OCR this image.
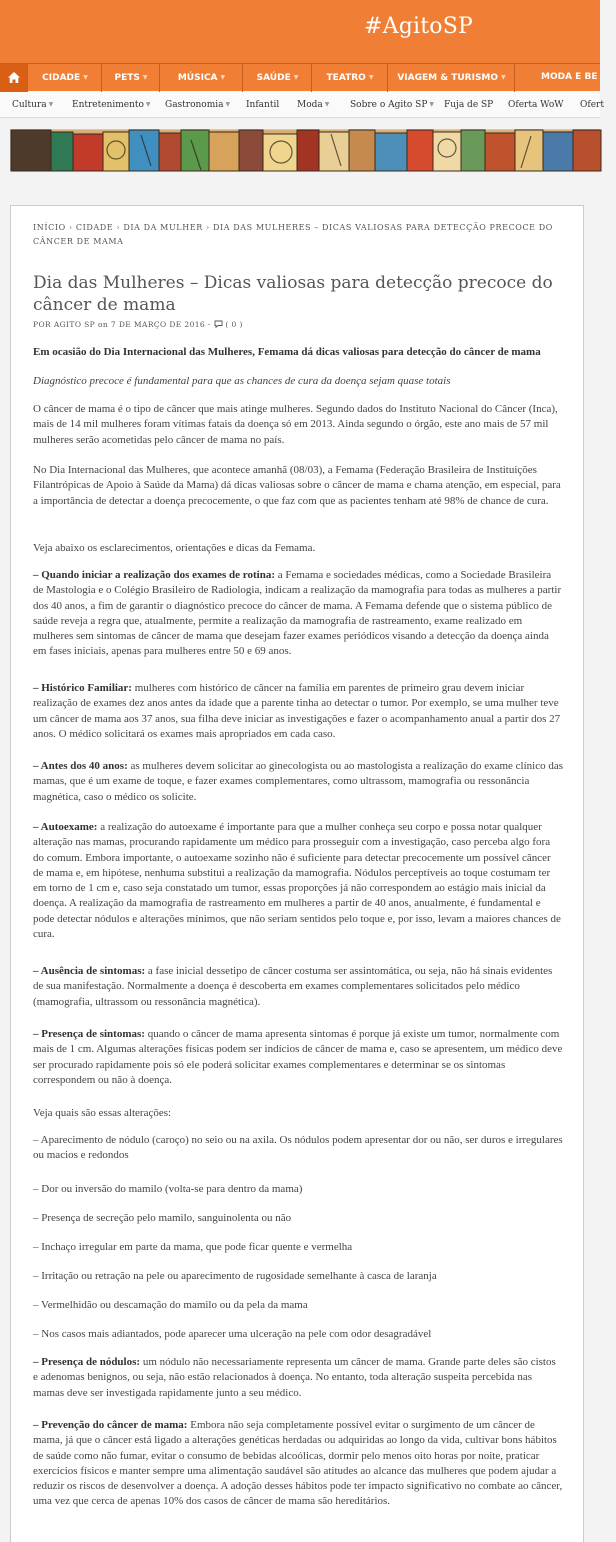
#AgitoSP
CIDADE ▼	PETS ▼	MÚSICA ▼	SAÚDE ▼	TEATRO ▼	VIAGEM & TURISMO ▼	MODA E BE
Cultura ▼ Entretenimento ▼ Gastronomia ▼ Infantil Moda ▼ Sobre o Agito SP ▼ Fuja de SP Oferta WoW Ofert
INÍCIO › CIDADE › DIA DA MULHER › DIA DAS MULHERES – DICAS VALIOSAS PARA DETECÇÃO PRECOCE DO CÂNCER DE MAMA
Dia das Mulheres – Dicas valiosas para detecção precoce do câncer de mama
POR AGITO SP on 7 DE MARÇO DE 2016 - ( 0 )

Em ocasião do Dia Internacional das Mulheres, Femama dá dicas valiosas para detecção do câncer de mama

Diagnóstico precoce é fundamental para que as chances de cura da doença sejam quase totais

O câncer de mama é o tipo de câncer que mais atinge mulheres. Segundo dados do Instituto Nacional do Câncer (Inca), mais de 14 mil mulheres foram vítimas fatais da doença só em 2013. Ainda segundo o órgão, este ano mais de 57 mil mulheres serão acometidas pelo câncer de mama no país.

No Dia Internacional das Mulheres, que acontece amanhã (08/03), a Femama (Federação Brasileira de Instituições Filantrópicas de Apoio à Saúde da Mama) dá dicas valiosas sobre o câncer de mama e chama atenção, em especial, para a importância de detectar a doença precocemente, o que faz com que as pacientes tenham até 98% de chance de cura.

Veja abaixo os esclarecimentos, orientações e dicas da Femama.

– Quando iniciar a realização dos exames de rotina: a Femama e sociedades médicas, como a Sociedade Brasileira de Mastologia e o Colégio Brasileiro de Radiologia, indicam a realização da mamografia para todas as mulheres a partir dos 40 anos, a fim de garantir o diagnóstico precoce do câncer de mama. A Femama defende que o sistema público de saúde reveja a regra que, atualmente, permite a realização da mamografia de rastreamento, exame realizado em mulheres sem sintomas de câncer de mama que desejam fazer exames periódicos visando a detecção da doença ainda em fases iniciais, apenas para mulheres entre 50 e 69 anos.

– Histórico Familiar: mulheres com histórico de câncer na família em parentes de primeiro grau devem iniciar realização de exames dez anos antes da idade que a parente tinha ao detectar o tumor. Por exemplo, se uma mulher teve um câncer de mama aos 37 anos, sua filha deve iniciar as investigações e fazer o acompanhamento anual a partir dos 27 anos. O médico solicitará os exames mais apropriados em cada caso.

– Antes dos 40 anos: as mulheres devem solicitar ao ginecologista ou ao mastologista a realização do exame clínico das mamas, que é um exame de toque, e fazer exames complementares, como ultrassom, mamografia ou ressonância magnética, caso o médico os solicite.

– Autoexame: a realização do autoexame é importante para que a mulher conheça seu corpo e possa notar qualquer alteração nas mamas, procurando rapidamente um médico para prosseguir com a investigação, caso perceba algo fora do comum. Embora importante, o autoexame sozinho não é suficiente para detectar precocemente um possível câncer de mama e, em hipótese, nenhuma substitui a realização da mamografia. Nódulos perceptíveis ao toque costumam ter em torno de 1 cm e, caso seja constatado um tumor, essas proporções já não correspondem ao estágio mais inicial da doença. A realização da mamografia de rastreamento em mulheres a partir de 40 anos, anualmente, é fundamental e pode detectar nódulos e alterações mínimos, que não seriam sentidos pelo toque e, por isso, levam a maiores chances de cura.

– Ausência de sintomas: a fase inicial dessetipo de câncer costuma ser assintomática, ou seja, não há sinais evidentes de sua manifestação. Normalmente a doença é descoberta em exames complementares solicitados pelo médico (mamografia, ultrassom ou ressonância magnética).

– Presença de sintomas: quando o câncer de mama apresenta sintomas é porque já existe um tumor, normalmente com mais de 1 cm. Algumas alterações físicas podem ser indícios de câncer de mama e, caso se apresentem, um médico deve ser procurado rapidamente pois só ele poderá solicitar exames complementares e determinar se os sintomas correspondem ou não à doença.

Veja quais são essas alterações:

– Aparecimento de nódulo (caroço) no seio ou na axila. Os nódulos podem apresentar dor ou não, ser duros e irregulares ou macios e redondos

– Dor ou inversão do mamilo (volta-se para dentro da mama)

– Presença de secreção pelo mamilo, sanguinolenta ou não

– Inchaço irregular em parte da mama, que pode ficar quente e vermelha

– Irritação ou retração na pele ou aparecimento de rugosidade semelhante à casca de laranja

– Vermelhidão ou descamação do mamilo ou da pela da mama

– Nos casos mais adiantados, pode aparecer uma ulceração na pele com odor desagradável

– Presença de nódulos: um nódulo não necessariamente representa um câncer de mama. Grande parte deles são cistos e adenomas benignos, ou seja, não estão relacionados à doença. No entanto, toda alteração suspeita percebida nas mamas deve ser investigada rapidamente junto a seu médico.

– Prevenção do câncer de mama: Embora não seja completamente possível evitar o surgimento de um câncer de mama, já que o câncer está ligado a alterações genéticas herdadas ou adquiridas ao longo da vida, cultivar bons hábitos de saúde como não fumar, evitar o consumo de bebidas alcoólicas, dormir pelo menos oito horas por noite, praticar exercícios físicos e manter sempre uma alimentação saudável são atitudes ao alcance das mulheres que podem ajudar a reduzir os riscos de desenvolver a doença. A adoção desses hábitos pode ter impacto significativo no combate ao câncer, uma vez que cerca de apenas 10% dos casos de câncer de mama são hereditários.
